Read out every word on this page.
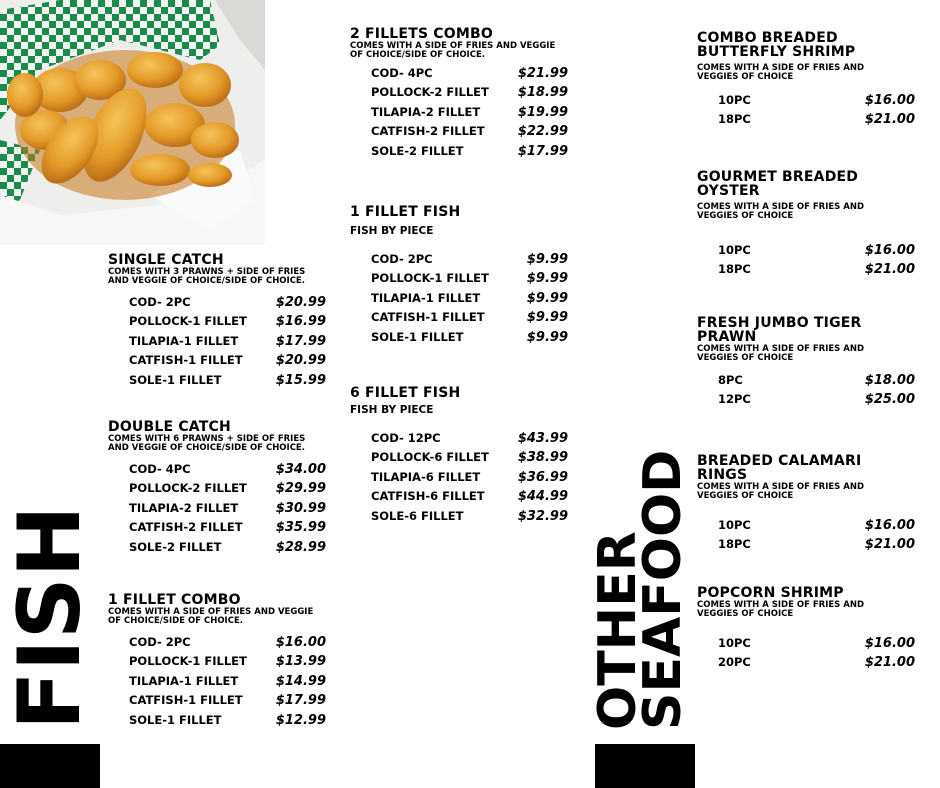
FISH	OTHER
SEAFOOD
SINGLE CATCH
COMES WITH 3 PRAWNS + SIDE OF FRIES AND VEGGIE OF CHOICE/SIDE OF CHOICE.
COD- 2PC	$20.99
POLLOCK-1 FILLET $16.99
TILAPIA-1 FILLET	$17.99
CATFISH-1 FILLET	$20.99
SOLE-1 FILLET	$15.99
DOUBLE CATCH
COMES WITH 6 PRAWNS + SIDE OF FRIES AND VEGGIE OF CHOICE/SIDE OF CHOICE.
COD- 4PC	$34.00
POLLOCK-2 FILLET $29.99
TILAPIA-2 FILLET	$30.99
CATFISH-2 FILLET	$35.99
SOLE-2 FILLET	$28.99
1 FILLET COMBO
COMES WITH A SIDE OF FRIES AND VEGGIE OF CHOICE/SIDE OF CHOICE.
COD- 2PC	$16.00
POLLOCK-1 FILLET $13.99
TILAPIA-1 FILLET	$14.99
CATFISH-1 FILLET	$17.99
SOLE-1 FILLET	$12.99
2 FILLETS COMBO
COMES WITH A SIDE OF FRIES AND VEGGIE OF CHOICE/SIDE OF CHOICE.
COD- 4PC	$21.99
POLLOCK-2 FILLET $18.99
TILAPIA-2 FILLET	$19.99
CATFISH-2 FILLET	$22.99
SOLE-2 FILLET	$17.99
1 FILLET FISH
FISH BY PIECE
COD- 2PC	$9.99
POLLOCK-1 FILLET	$9.99
TILAPIA-1 FILLET	$9.99
CATFISH-1 FILLET	$9.99
SOLE-1 FILLET	$9.99
6 FILLET FISH
FISH BY PIECE
COD- 12PC	$43.99
POLLOCK-6 FILLET $38.99
TILAPIA-6 FILLET	$36.99
CATFISH-6 FILLET	$44.99
SOLE-6 FILLET	$32.99
COMBO BREADED BUTTERFLY SHRIMP
COMES WITH A SIDE OF FRIES AND VEGGIES OF CHOICE
10PC	$16.00
18PC	$21.00
GOURMET BREADED OYSTER
COMES WITH A SIDE OF FRIES AND VEGGIES OF CHOICE
10PC	$16.00
18PC	$21.00
FRESH JUMBO TIGER PRAWN
COMES WITH A SIDE OF FRIES AND VEGGIES OF CHOICE
8PC	$18.00
12PC	$25.00
BREADED CALAMARI RINGS
COMES WITH A SIDE OF FRIES AND VEGGIES OF CHOICE
10PC	$16.00
18PC	$21.00
POPCORN SHRIMP
COMES WITH A SIDE OF FRIES AND VEGGIES OF CHOICE
10PC	$16.00
20PC	$21.00
